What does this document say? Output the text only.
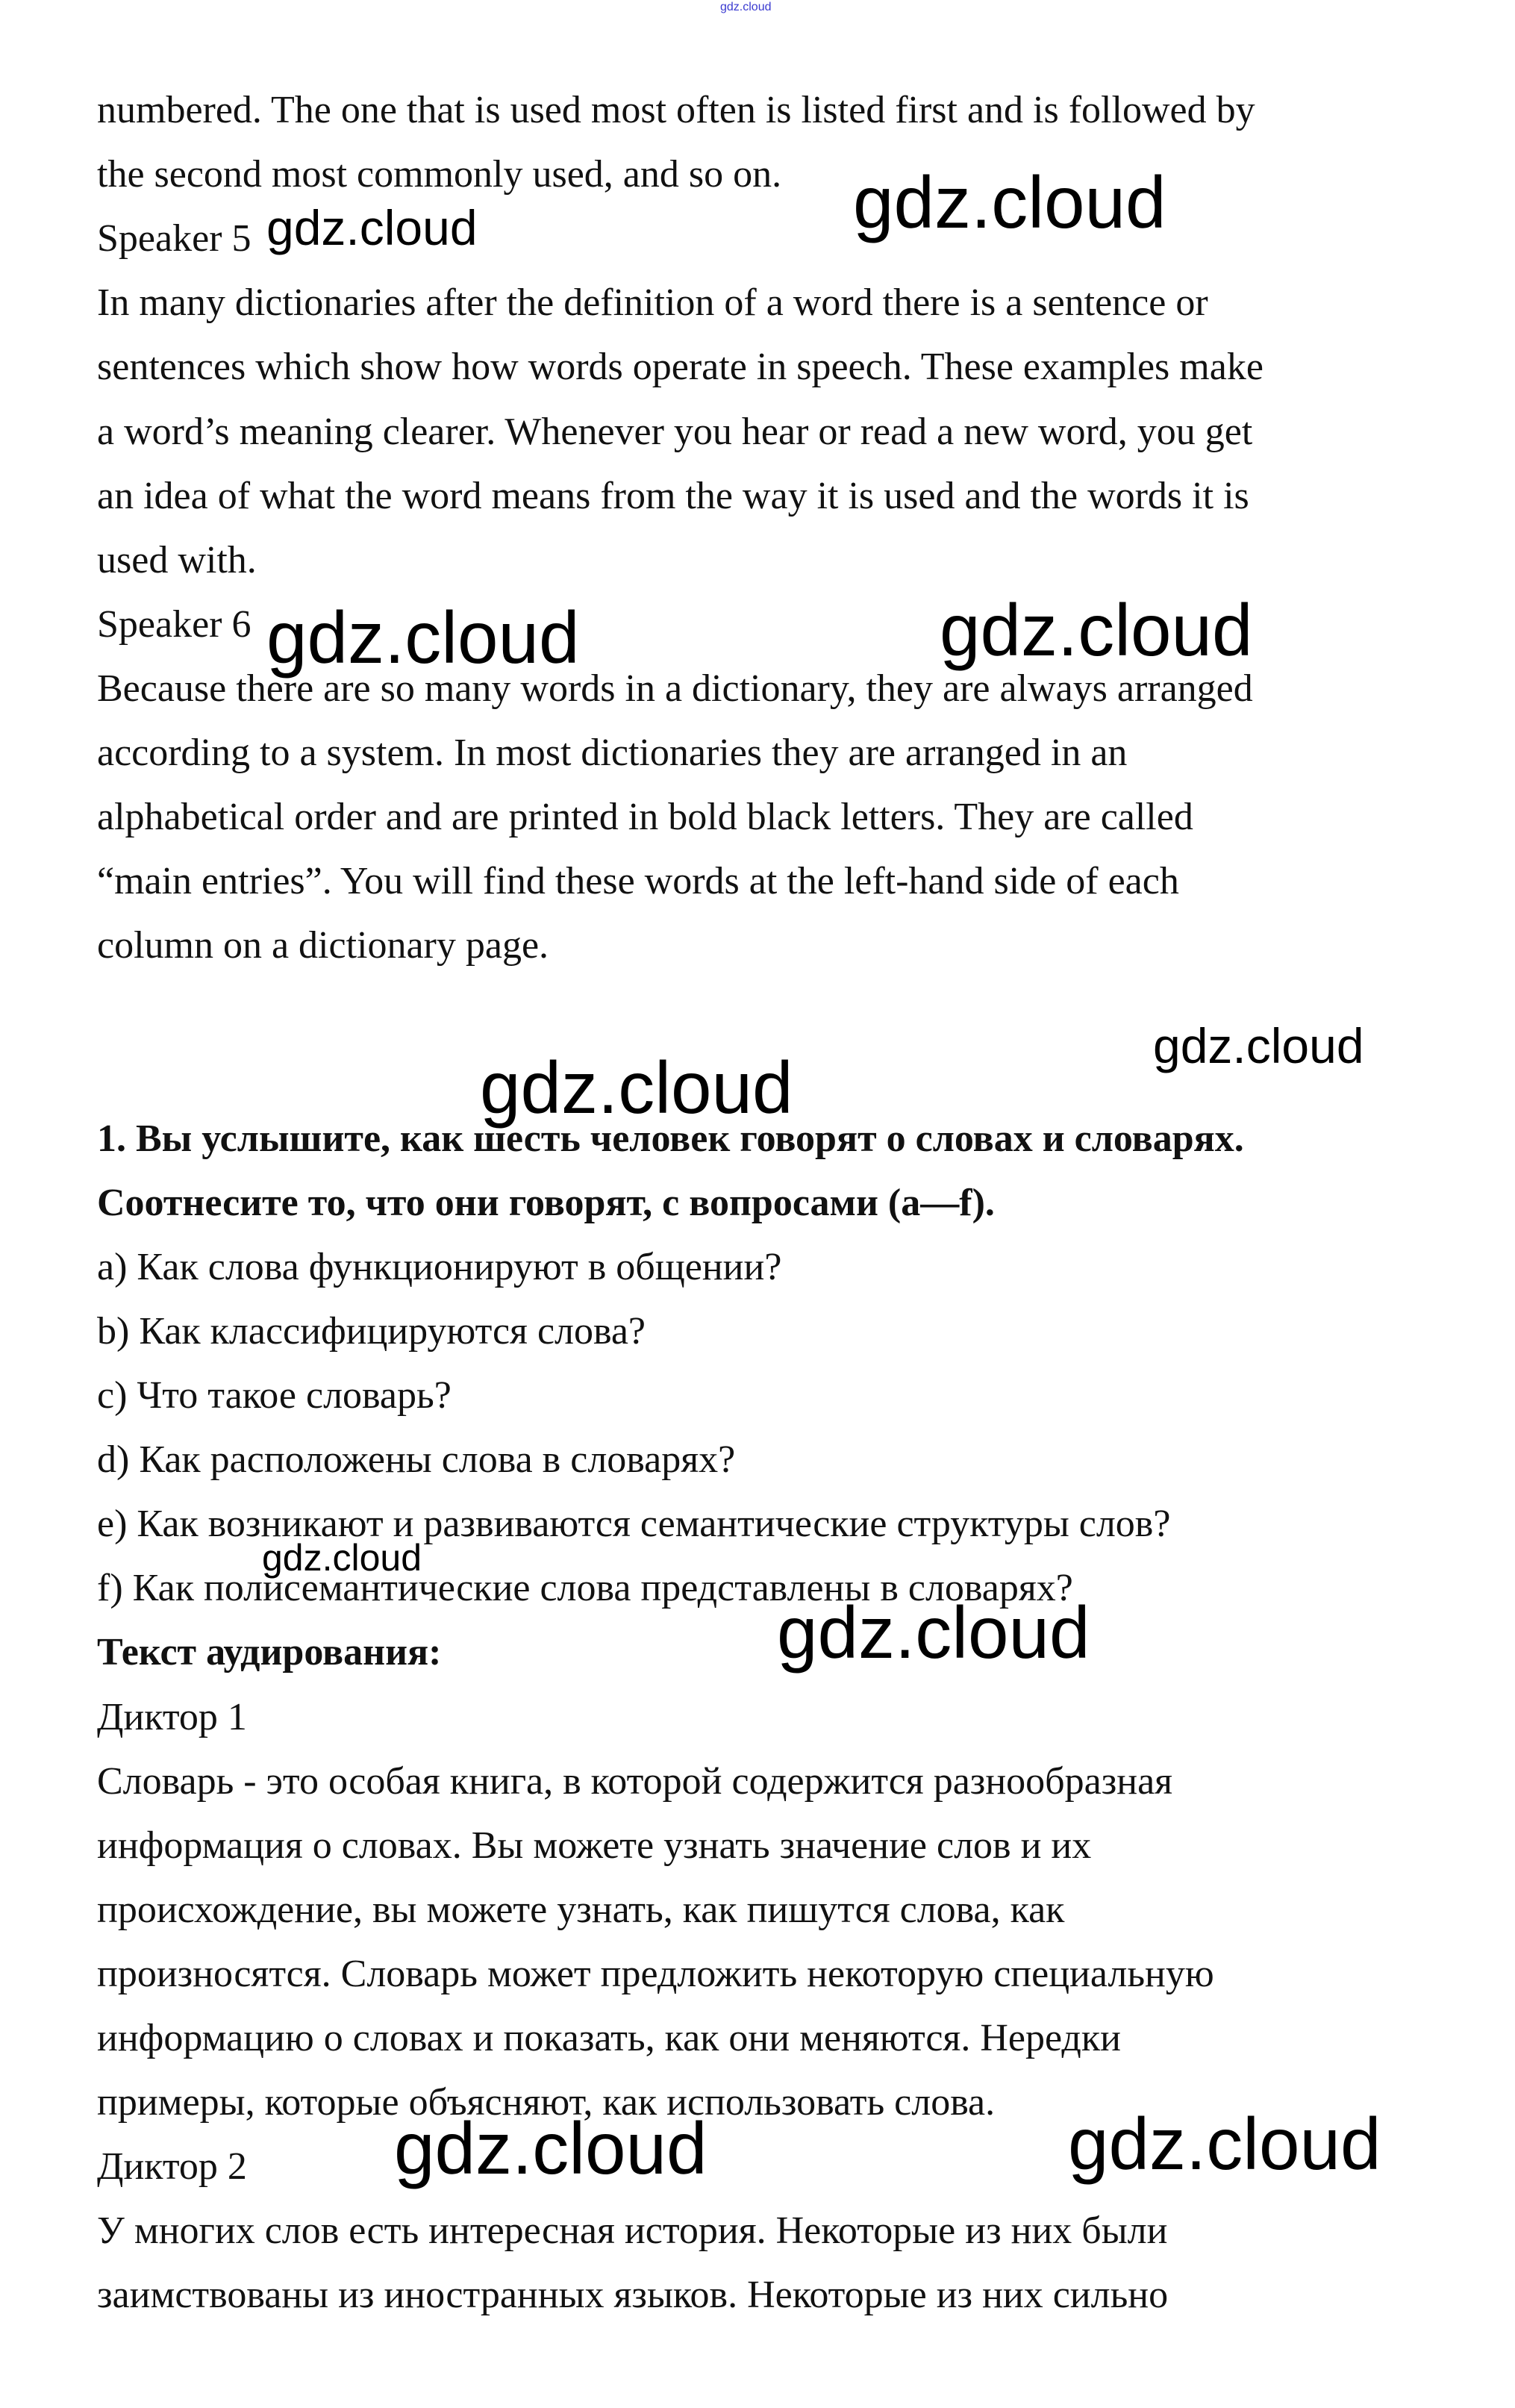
numbered. The one that is used most often is listed first and is followed by
the second most commonly used, and so on.
Speaker 5
In many dictionaries after the definition of a word there is a sentence or
sentences which show how words operate in speech. These examples make
a word’s meaning clearer. Whenever you hear or read a new word, you get
an idea of what the word means from the way it is used and the words it is
used with.
Speaker 6
Because there are so many words in a dictionary, they are always arranged
according to a system. In most dictionaries they are arranged in an
alphabetical order and are printed in bold black letters. They are called
“main entries”. You will find these words at the left-hand side of each
column on a dictionary page.
1. Вы услышите, как шесть человек говорят о словах и словарях.
Соотнесите то, что они говорят, с вопросами (a—f).
a) Как слова функционируют в общении?
b) Как классифицируются слова?
c) Что такое словарь?
d) Как расположены слова в словарях?
e) Как возникают и развиваются семантические структуры слов?
f) Как полисемантические слова представлены в словарях?
Текст аудирования:
Диктор 1
Словарь - это особая книга, в которой содержится разнообразная
информация о словах. Вы можете узнать значение слов и их
происхождение, вы можете узнать, как пишутся слова, как
произносятся. Словарь может предложить некоторую специальную
информацию о словах и показать, как они меняются. Нередки
примеры, которые объясняют, как использовать слова.
Диктор 2
У многих слов есть интересная история. Некоторые из них были
заимствованы из иностранных языков. Некоторые из них сильно
gdz.cloud
gdz.cloud
gdz.cloud
gdz.cloud	gdz.cloud
gdz.cloud
gdz.cloud
gdz.cloud
gdz.cloud
gdz.cloud	gdz.cloud
